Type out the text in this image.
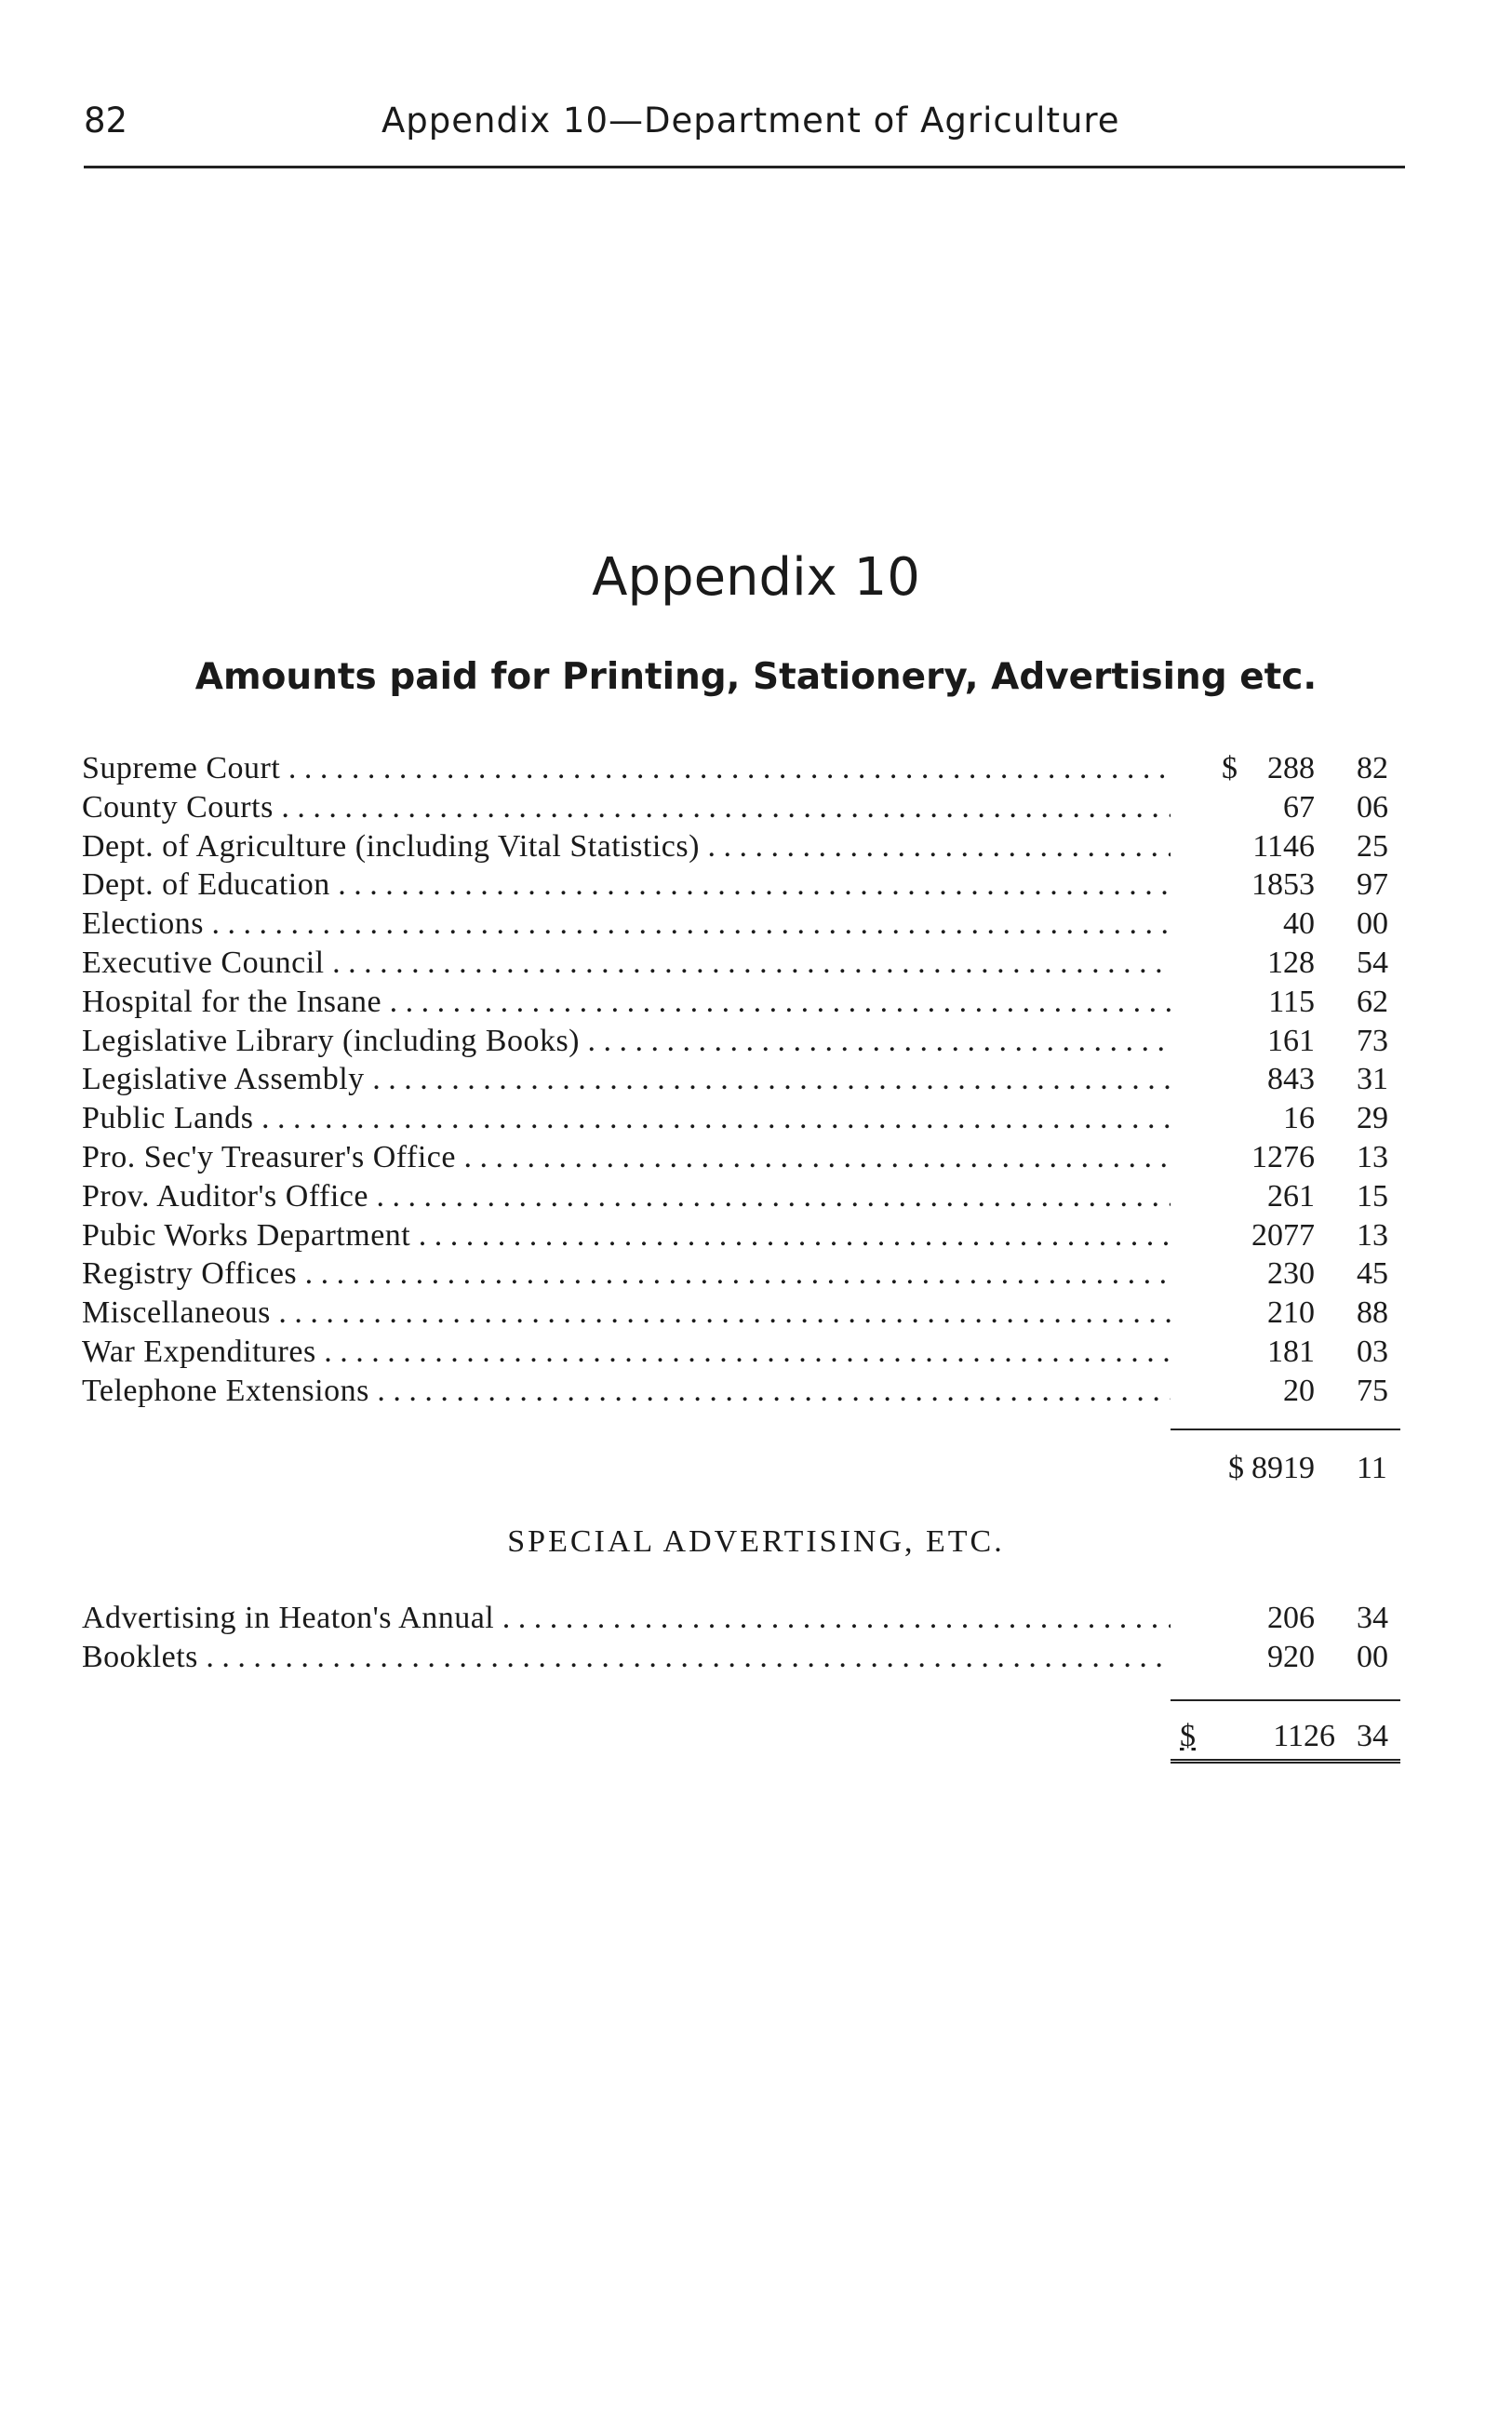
82	Appendix 10—Department of Agriculture
Appendix 10
Amounts paid for Printing, Stationery, Advertising etc.
Supreme Court . . .	$ 288 82
County Courts . . .	67 06
Dept. of Agriculture (including Vital Statistics) . . .	1146 25
Dept. of Education . . .	1853 97
Elections . . .	40 00
Executive Council . . .	128 54
Hospital for the Insane . . .	115 62
Legislative Library (including Books) . . .	161 73
Legislative Assembly . . .	843 31
Public Lands . . .	16 29
Pro. Sec'y Treasurer's Office . . .	1276 13
Prov. Auditor's Office . . .	261 15
Pubic Works Department . . .	2077 13
Registry Offices . . .	230 45
Miscellaneous . . .	210 88
War Expenditures . . .	181 03
Telephone Extensions . . .	20 75
$ 8919 11
SPECIAL ADVERTISING, ETC.
Advertising in Heaton's Annual . . .	206 34
Booklets . . .	920 00
$ 1126 34
